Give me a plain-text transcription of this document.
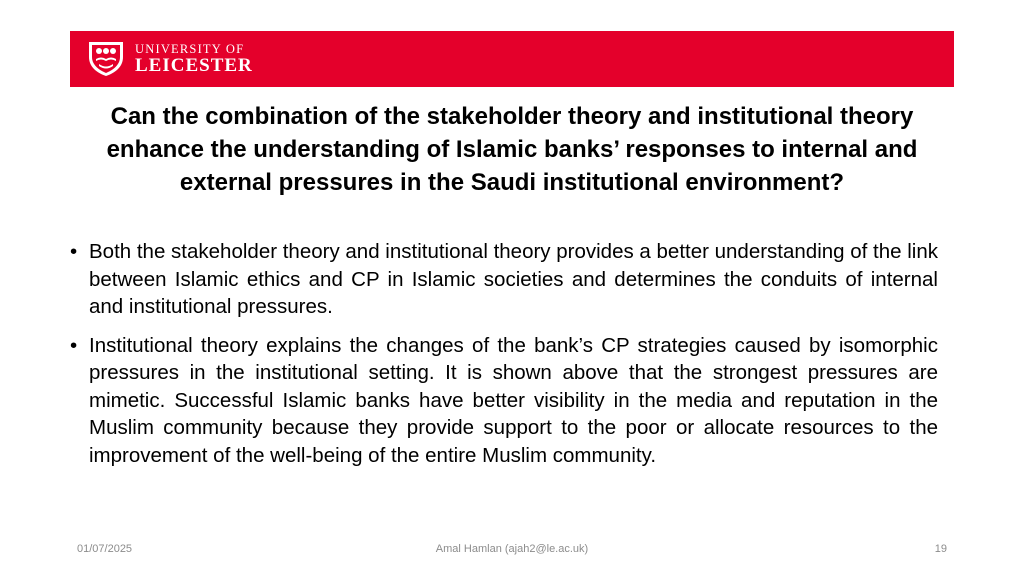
UNIVERSITY OF
LEICESTER
Can the combination of the stakeholder theory and institutional theory enhance the understanding of Islamic banks’ responses to internal and external pressures in the Saudi institutional environment?
• Both the stakeholder theory and institutional theory provides a better understanding of the link between Islamic ethics and CP in Islamic societies and determines the conduits of internal and institutional pressures.
• Institutional theory explains the changes of the bank’s CP strategies caused by isomorphic pressures in the institutional setting. It is shown above that the strongest pressures are mimetic. Successful Islamic banks have better visibility in the media and reputation in the Muslim community because they provide support to the poor or allocate resources to the improvement of the well-being of the entire Muslim community.
01/07/2025	Amal Hamlan (ajah2@le.ac.uk)	19
